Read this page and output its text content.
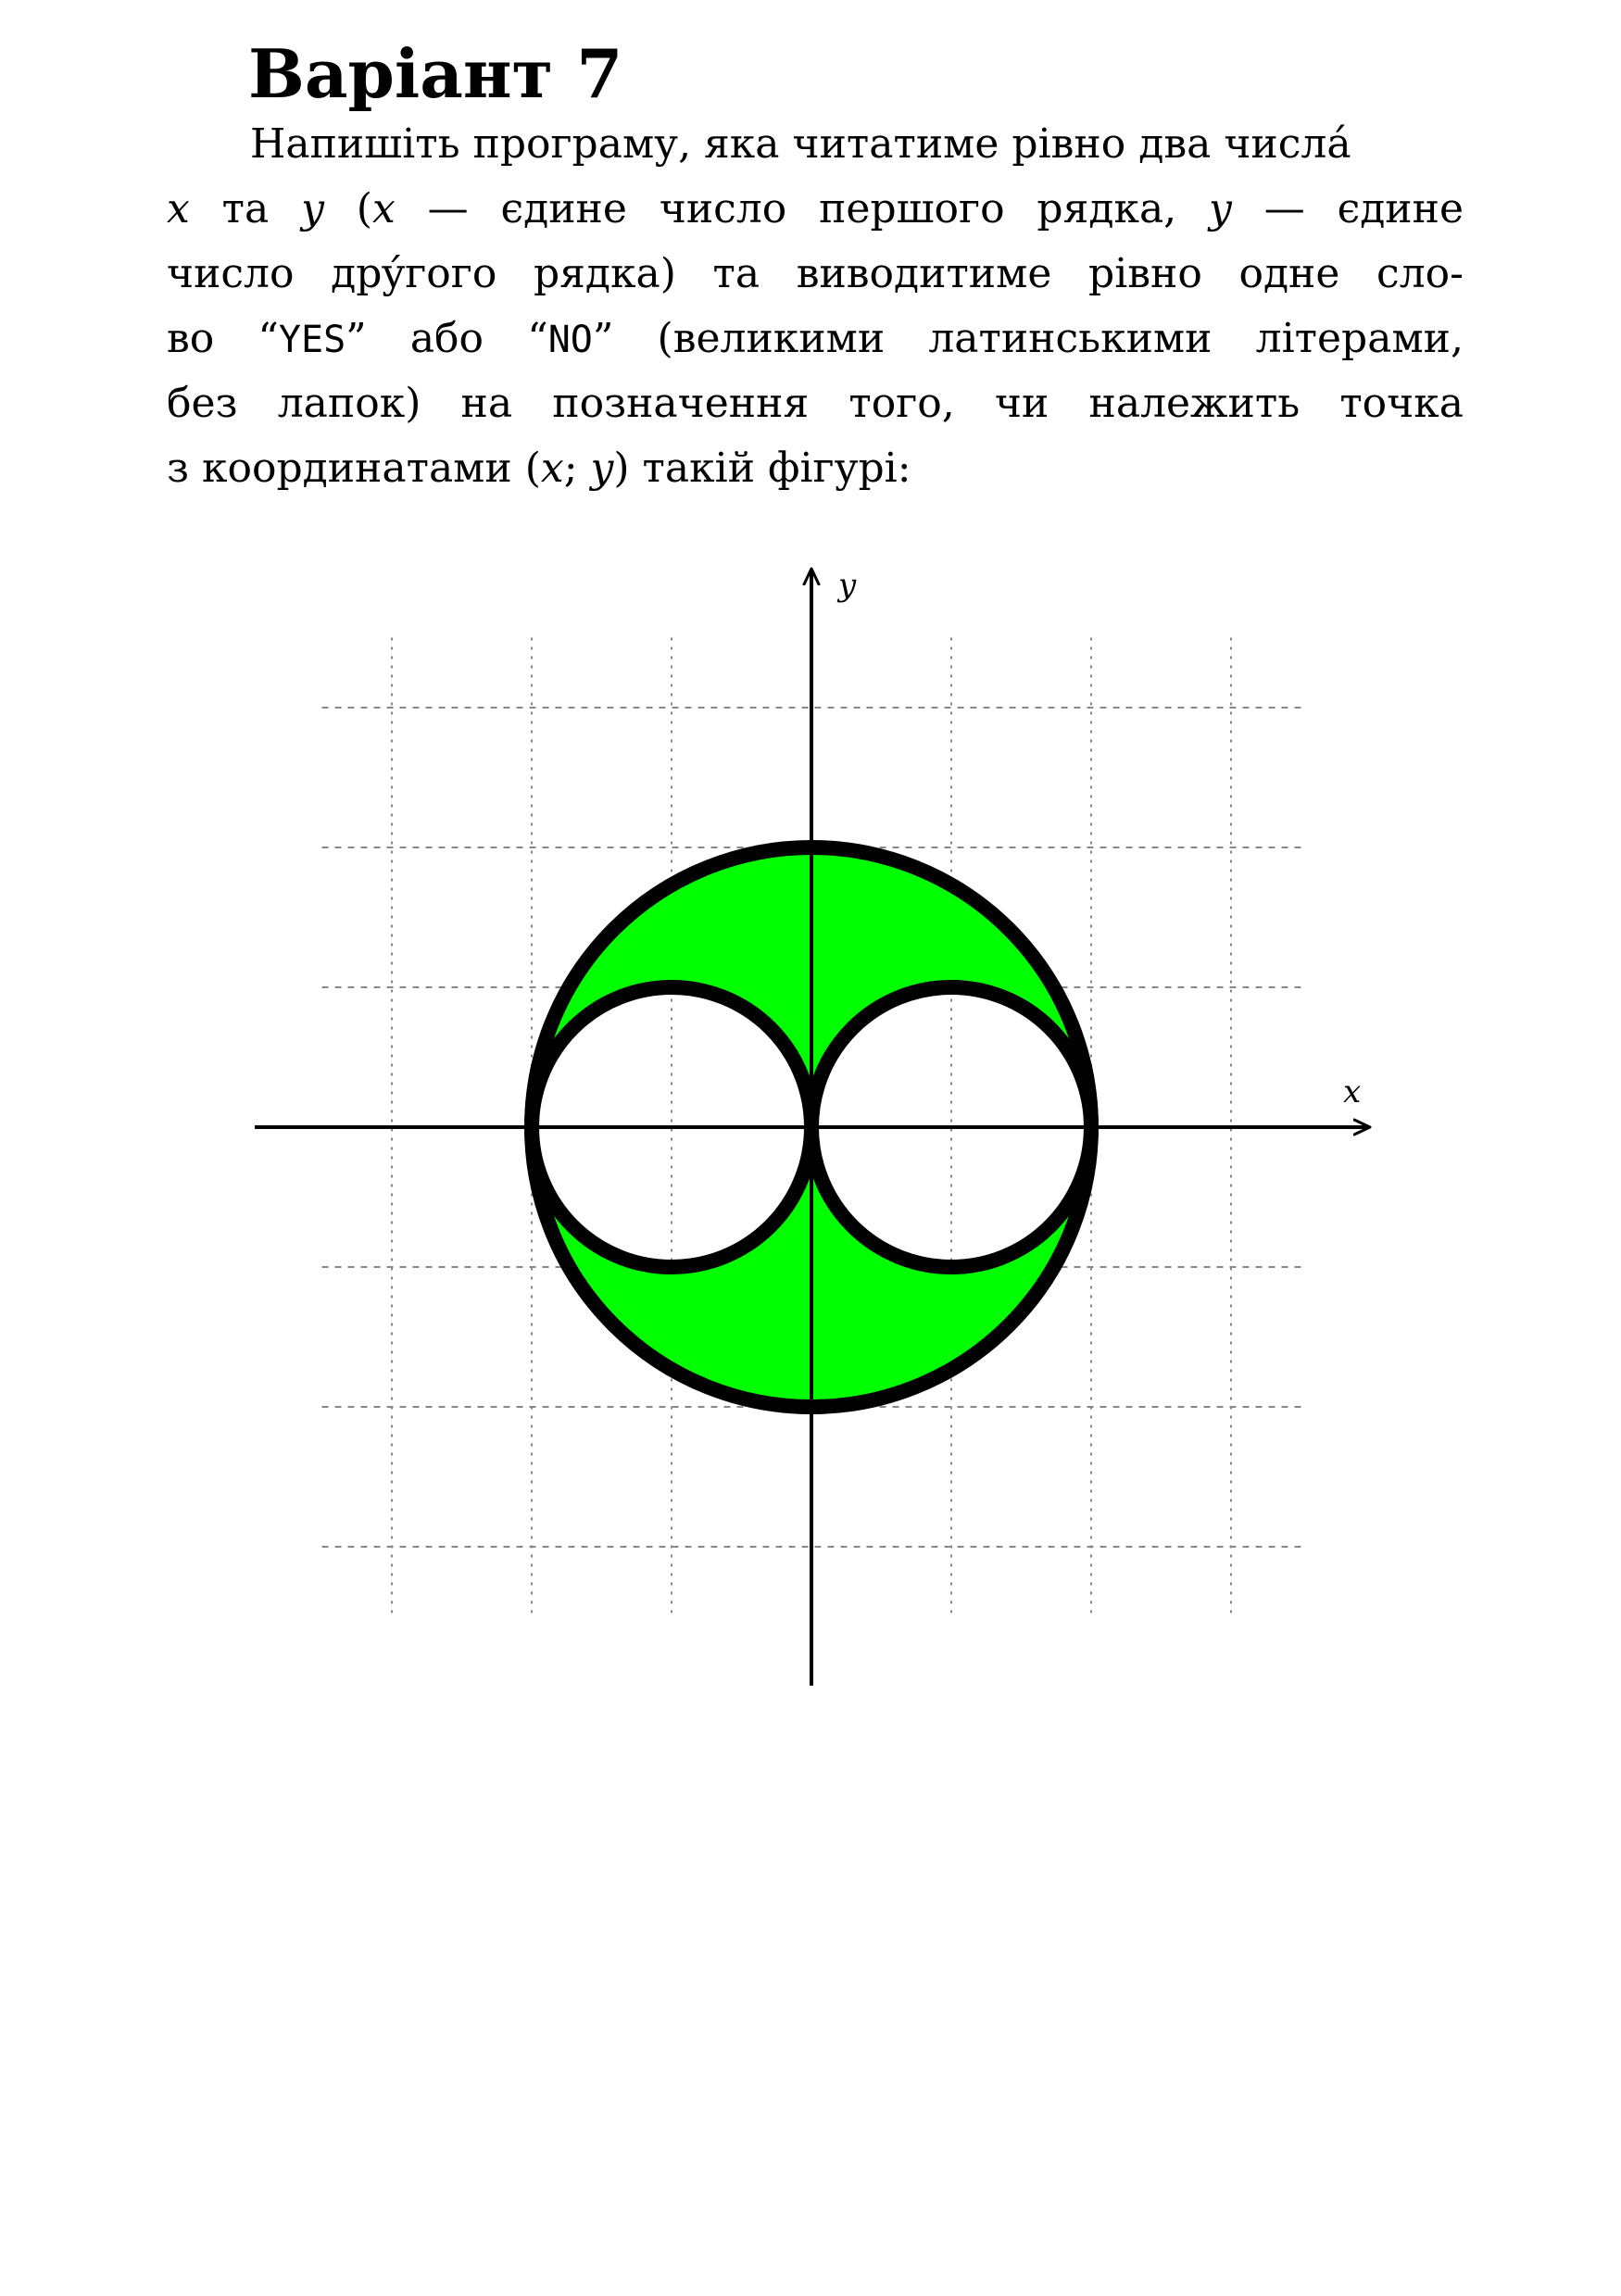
Варіант 7
Напишіть програму, яка читатиме рівно два числá
x та y (x — єдине число першого рядка, y — єдине
число дрýгого рядка) та виводитиме рівно одне сло-
во “YES” або “NO” (великими латинськими літерами,
без лапок) на позначення того, чи належить точка
з координатами (x; y) такій фігурі:
x
y
